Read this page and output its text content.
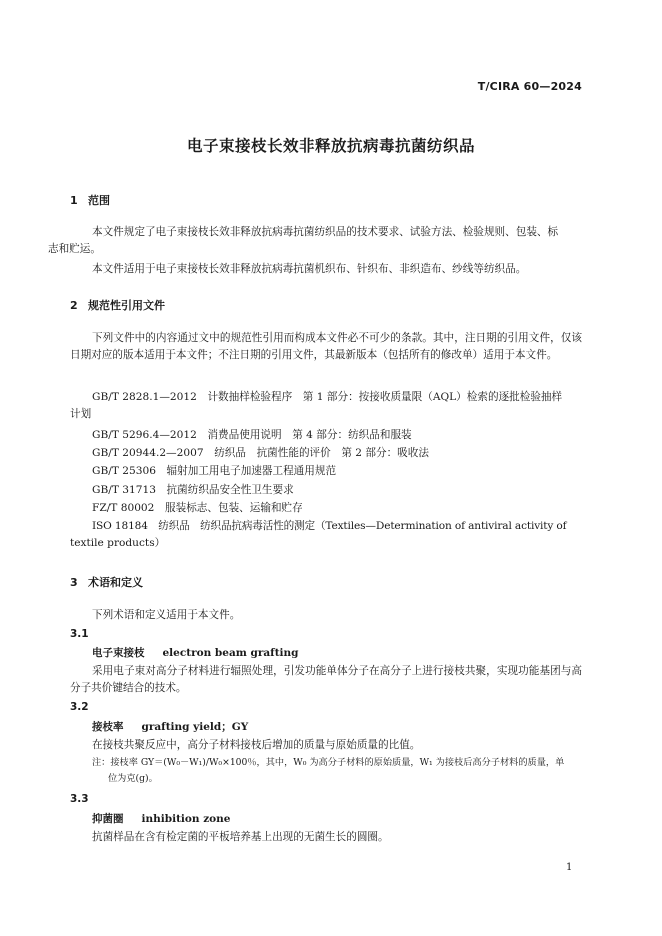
T/CIRA 60—2024
电子束接枝长效非释放抗病毒抗菌纺织品
1 范围
本文件规定了电子束接枝长效非释放抗病毒抗菌纺织品的技术要求、试验方法、检验规则、包装、标
志和贮运。
本文件适用于电子束接枝长效非释放抗病毒抗菌机织布、针织布、非织造布、纱线等纺织品。
2 规范性引用文件
下列文件中的内容通过文中的规范性引用而构成本文件必不可少的条款。其中，注日期的引用文件，仅该日期对应的版本适用于本文件；不注日期的引用文件，其最新版本（包括所有的修改单）适用于本文件。
GB/T 2828.1—2012　计数抽样检验程序　第 1 部分：按接收质量限（AQL）检索的逐批检验抽样
计划
GB/T 5296.4—2012　消费品使用说明　第 4 部分：纺织品和服装
GB/T 20944.2—2007　纺织品　抗菌性能的评价　第 2 部分：吸收法
GB/T 25306　辐射加工用电子加速器工程通用规范
GB/T 31713　抗菌纺织品安全性卫生要求
FZ/T 80002　服装标志、包装、运输和贮存
ISO 18184　纺织品　纺织品抗病毒活性的测定（Textiles—Determination of antiviral activity of
textile products）
3 术语和定义
下列术语和定义适用于本文件。
3.1
电子束接枝 electron beam grafting
采用电子束对高分子材料进行辐照处理，引发功能单体分子在高分子上进行接枝共聚，实现功能基团与高分子共价键结合的技术。
3.2
接枝率 grafting yield；GY
在接枝共聚反应中，高分子材料接枝后增加的质量与原始质量的比值。
注：接枝率 GY＝(W₀－W₁)/W₀×100％，其中，W₀ 为高分子材料的原始质量，W₁ 为接枝后高分子材料的质量，单
位为克(g)。
3.3
抑菌圈 inhibition zone
抗菌样品在含有检定菌的平板培养基上出现的无菌生长的圆圈。
1
